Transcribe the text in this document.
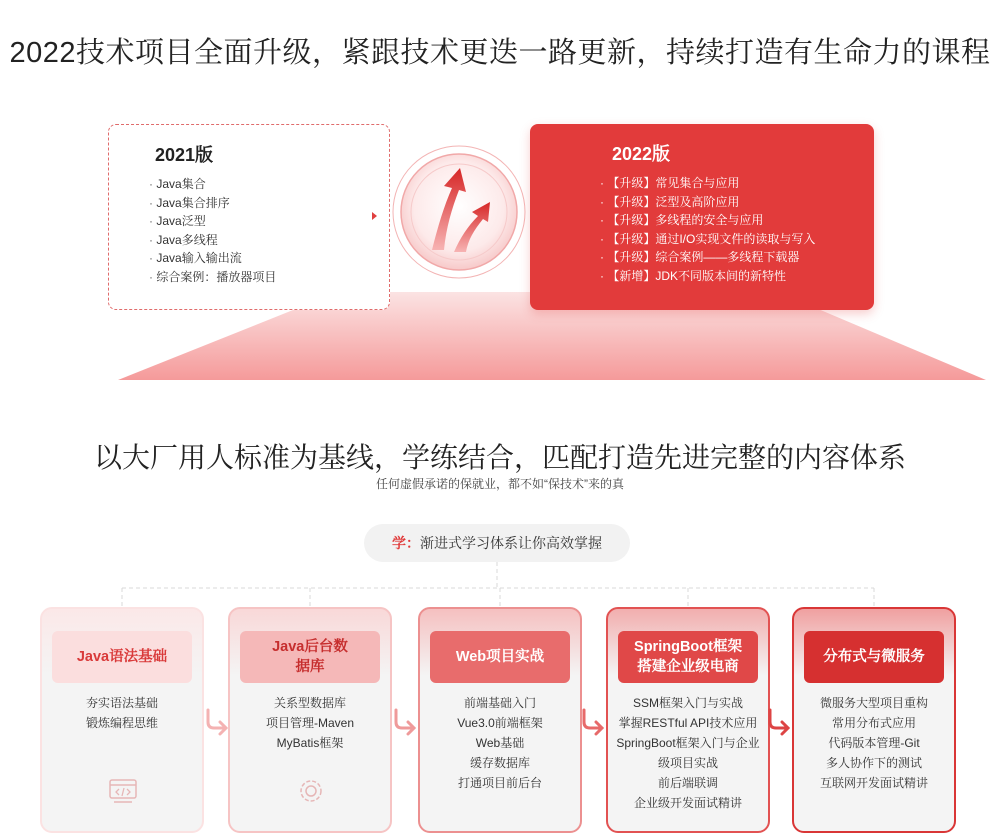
2022技术项目全面升级，紧跟技术更迭一路更新，持续打造有生命力的课程
2021版
· Java集合
· Java集合排序
· Java泛型
· Java多线程
· Java输入输出流
· 综合案例：播放器项目
2022版
· 【升级】常见集合与应用
· 【升级】泛型及高阶应用
· 【升级】多线程的安全与应用
· 【升级】通过I/O实现文件的读取与写入
· 【升级】综合案例——多线程下载器
· 【新增】JDK不同版本间的新特性
以大厂用人标准为基线，学练结合，匹配打造先进完整的内容体系
任何虚假承诺的保就业，都不如“保技术”来的真
学：渐进式学习体系让你高效掌握
Java语法基础
夯实语法基础
锻炼编程思维
Java后台数据库
关系型数据库
项目管理-Maven
MyBatis框架
Web项目实战
前端基础入门
Vue3.0前端框架
Web基础
缓存数据库
打通项目前后台
SpringBoot框架搭建企业级电商
SSM框架入门与实战
掌握RESTful API技术应用
SpringBoot框架入门与企业级项目实战
前后端联调
企业级开发面试精讲
分布式与微服务
微服务大型项目重构
常用分布式应用
代码版本管理-Git
多人协作下的测试
互联网开发面试精讲
